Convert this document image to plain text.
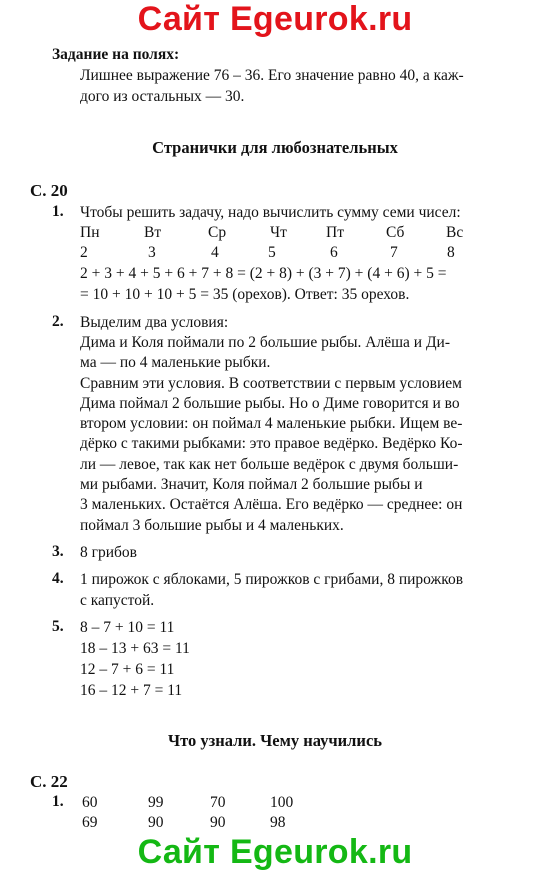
Сайт Egeurok.ru
Задание на полях:
Лишнее выражение 76 – 36. Его значение равно 40, а каж-
дого из остальных — 30.
Странички для любознательных
С. 20
1. Чтобы решить задачу, надо вычислить сумму семи чисел:
Пн	Вт	Ср	Чт	Пт	Сб	Вс
2	3	4	5	6	7	8
2 + 3 + 4 + 5 + 6 + 7 + 8 = (2 + 8) + (3 + 7) + (4 + 6) + 5 =
= 10 + 10 + 10 + 5 = 35 (орехов). Ответ: 35 орехов.
2. Выделим два условия:
Дима и Коля поймали по 2 большие рыбы. Алёша и Ди-
ма — по 4 маленькие рыбки.
Сравним эти условия. В соответствии с первым условием
Дима поймал 2 большие рыбы. Но о Диме говорится и во
втором условии: он поймал 4 маленькие рыбки. Ищем ве-
дёрко с такими рыбками: это правое ведёрко. Ведёрко Ко-
ли — левое, так как нет больше ведёрок с двумя больши-
ми рыбами. Значит, Коля поймал 2 большие рыбы и
3 маленьких. Остаётся Алёша. Его ведёрко — среднее: он
поймал 3 большие рыбы и 4 маленьких.
3. 8 грибов
4. 1 пирожок с яблоками, 5 пирожков с грибами, 8 пирожков
с капустой.
5. 8 – 7 + 10 = 11
18 – 13 + 63 = 11
12 – 7 + 6 = 11
16 – 12 + 7 = 11
Что узнали. Чему научились
С. 22
1. 60	99	70	100
69	90	90	98
Сайт Egeurok.ru
